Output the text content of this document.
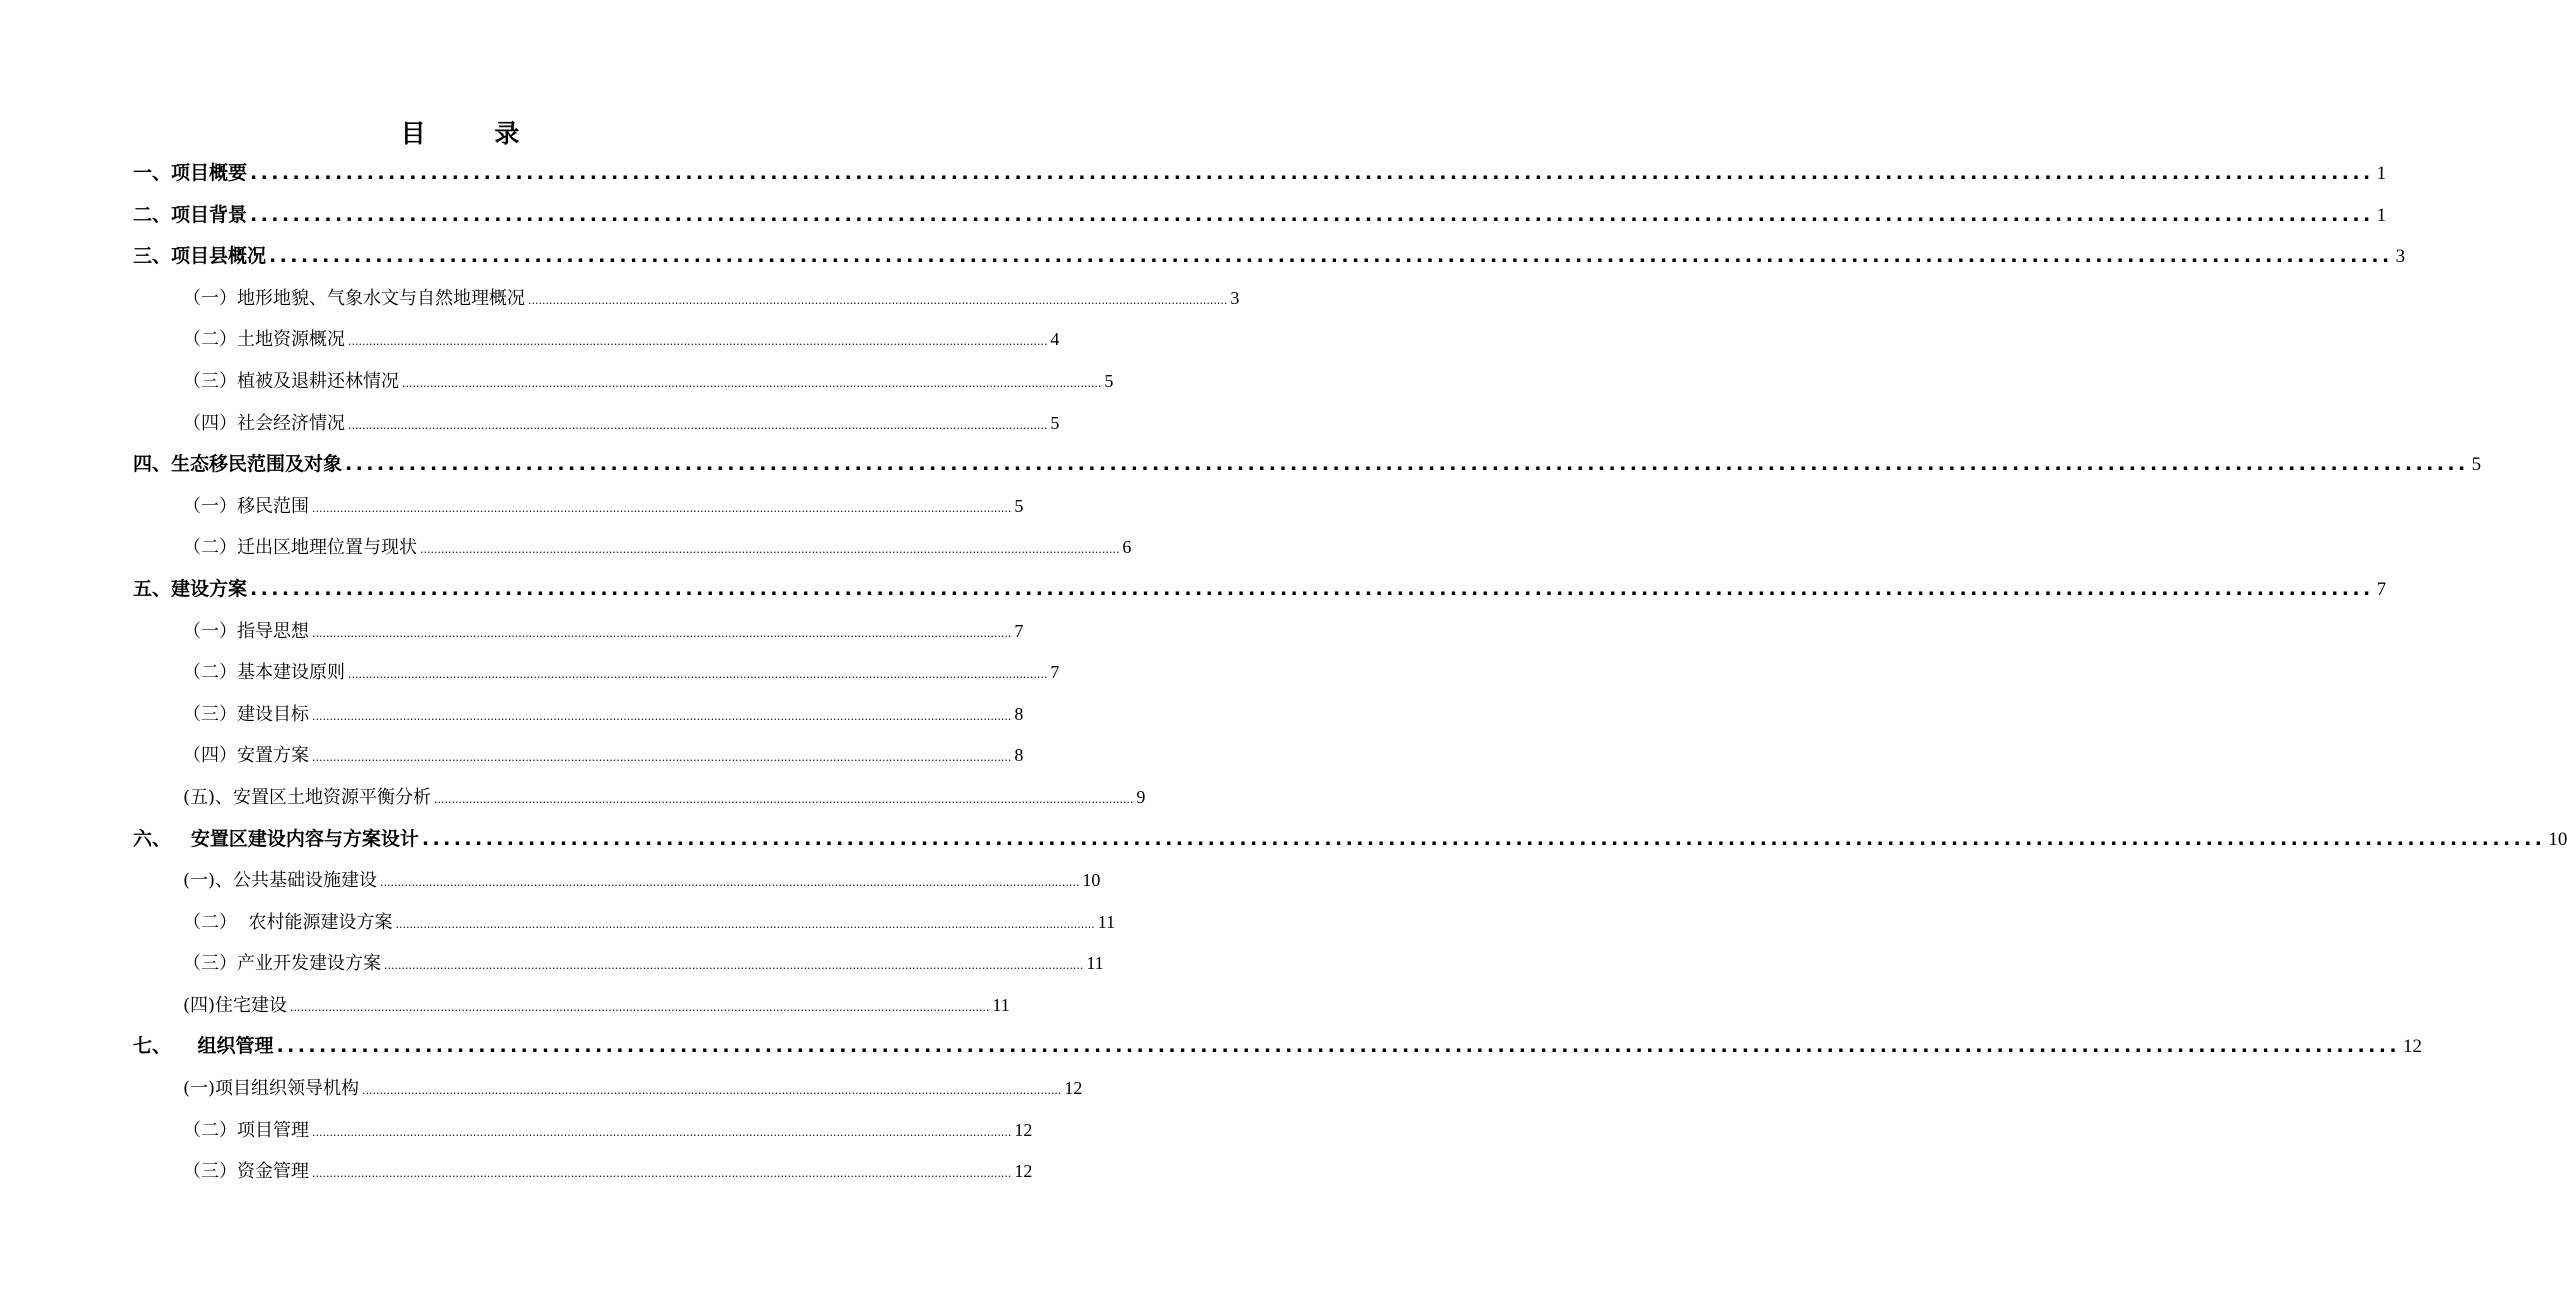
目 录
一、项目概要 ........................................................................................................................................................................................................ 1
二、项目背景 ........................................................................................................................................................................................................ 1
三、项目县概况 ........................................................................................................................................................................................................ 3
（一）地形地貌、气象水文与自然地理概况 ........................................................................................................................................................................................................ 3
（二）土地资源概况 ........................................................................................................................................................................................................ 4
（三）植被及退耕还林情况 ........................................................................................................................................................................................................ 5
（四）社会经济情况 ........................................................................................................................................................................................................ 5
四、生态移民范围及对象 ........................................................................................................................................................................................................ 5
（一）移民范围 ........................................................................................................................................................................................................ 5
（二）迁出区地理位置与现状 ........................................................................................................................................................................................................ 6
五、建设方案 ........................................................................................................................................................................................................ 7
（一）指导思想 ........................................................................................................................................................................................................ 7
（二）基本建设原则 ........................................................................................................................................................................................................ 7
（三）建设目标 ........................................................................................................................................................................................................ 8
（四）安置方案 ........................................................................................................................................................................................................ 8
(五)、安置区土地资源平衡分析 ........................................................................................................................................................................................................ 9
六、   安置区建设内容与方案设计 ........................................................................................................................................................................................................ 10
(一)、公共基础设施建设 ........................................................................................................................................................................................................ 10
（二）  农村能源建设方案 ........................................................................................................................................................................................................ 11
（三）产业开发建设方案 ........................................................................................................................................................................................................ 11
(四)住宅建设 ........................................................................................................................................................................................................ 11
七、    组织管理 ........................................................................................................................................................................................................ 12
(一)项目组织领导机构 ........................................................................................................................................................................................................ 12
（二）项目管理 ........................................................................................................................................................................................................ 12
（三）资金管理 ........................................................................................................................................................................................................ 12
